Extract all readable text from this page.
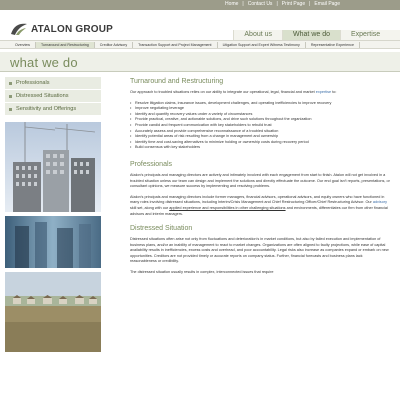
Home | Contact Us | Print Page | Email Page
ATALON GROUP	About us	What we do	Expertise
Overview	Turnaround and Restructuring	Creditor Advisory	Transaction Support and Project Management	Litigation Support and Expert Witness Testimony	Representative Experience
what we do
Professionals
Distressed Situations
Sensitivity and Offerings
Turnaround and Restructuring

Our approach to troubled situations relies on our ability to integrate our operational, legal, financial and market expertise to:

• Resolve litigation claims, insurance issues, development challenges, and operating inefficiencies to improve recovery
• Improve negotiating leverage
• Identify and quantify recovery values under a variety of circumstances
• Provide practical, creative, and actionable solutions, and drive such solutions throughout the organization
• Provide candid and frequent communication with key stakeholders to rebuild trust
• Accurately assess and provide comprehensive reconnaissance of a troubled situation
• Identify potential areas of risk resulting from a change in management and ownership
• Identify time and cost-saving alternatives to minimize holding or ownership costs during recovery period
• Build consensus with key stakeholders
Professionals

Atalon's principals and managing directors are actively and intimately involved with each engagement from start to finish. Atalon will not get involved in a troubled situation unless our team can design and implement the solutions and directly effectuate the outcome. Our end goal isn't reports, presentations, or consultant opinions, we measure success by implementing and resolving problems.

Atalon's principals and managing directors include former managers, financial advisors, operational advisors, and equity owners who have functioned in many roles involving distressed situations, including Interim/Crisis Management and Chief Restructuring Officer/Chief Restructuring Advisor. Our advisory skill set, along with our applied experience and responsibilities in other challenging situations and environments, differentiates our firm from other financial advisors and interim managers.

Distressed Situation

Distressed situations often arise not only from fluctuations and deterioration's in market conditions, but also by failed execution and implementation of business plans, and/or an inability of management to react to market changes. Organizations are often aligned to faulty projections, while ease of capital availability results in inefficiencies, excess costs and overhead, and poor accountability. Legal risks also increase as companies expand or embark on new opportunities. Creditors are not provided timely or accurate reports on company status. Further, financial forecasts and business plans lack reasonableness or credibility.

The distressed situation usually results in complex, interconnected issues that require
